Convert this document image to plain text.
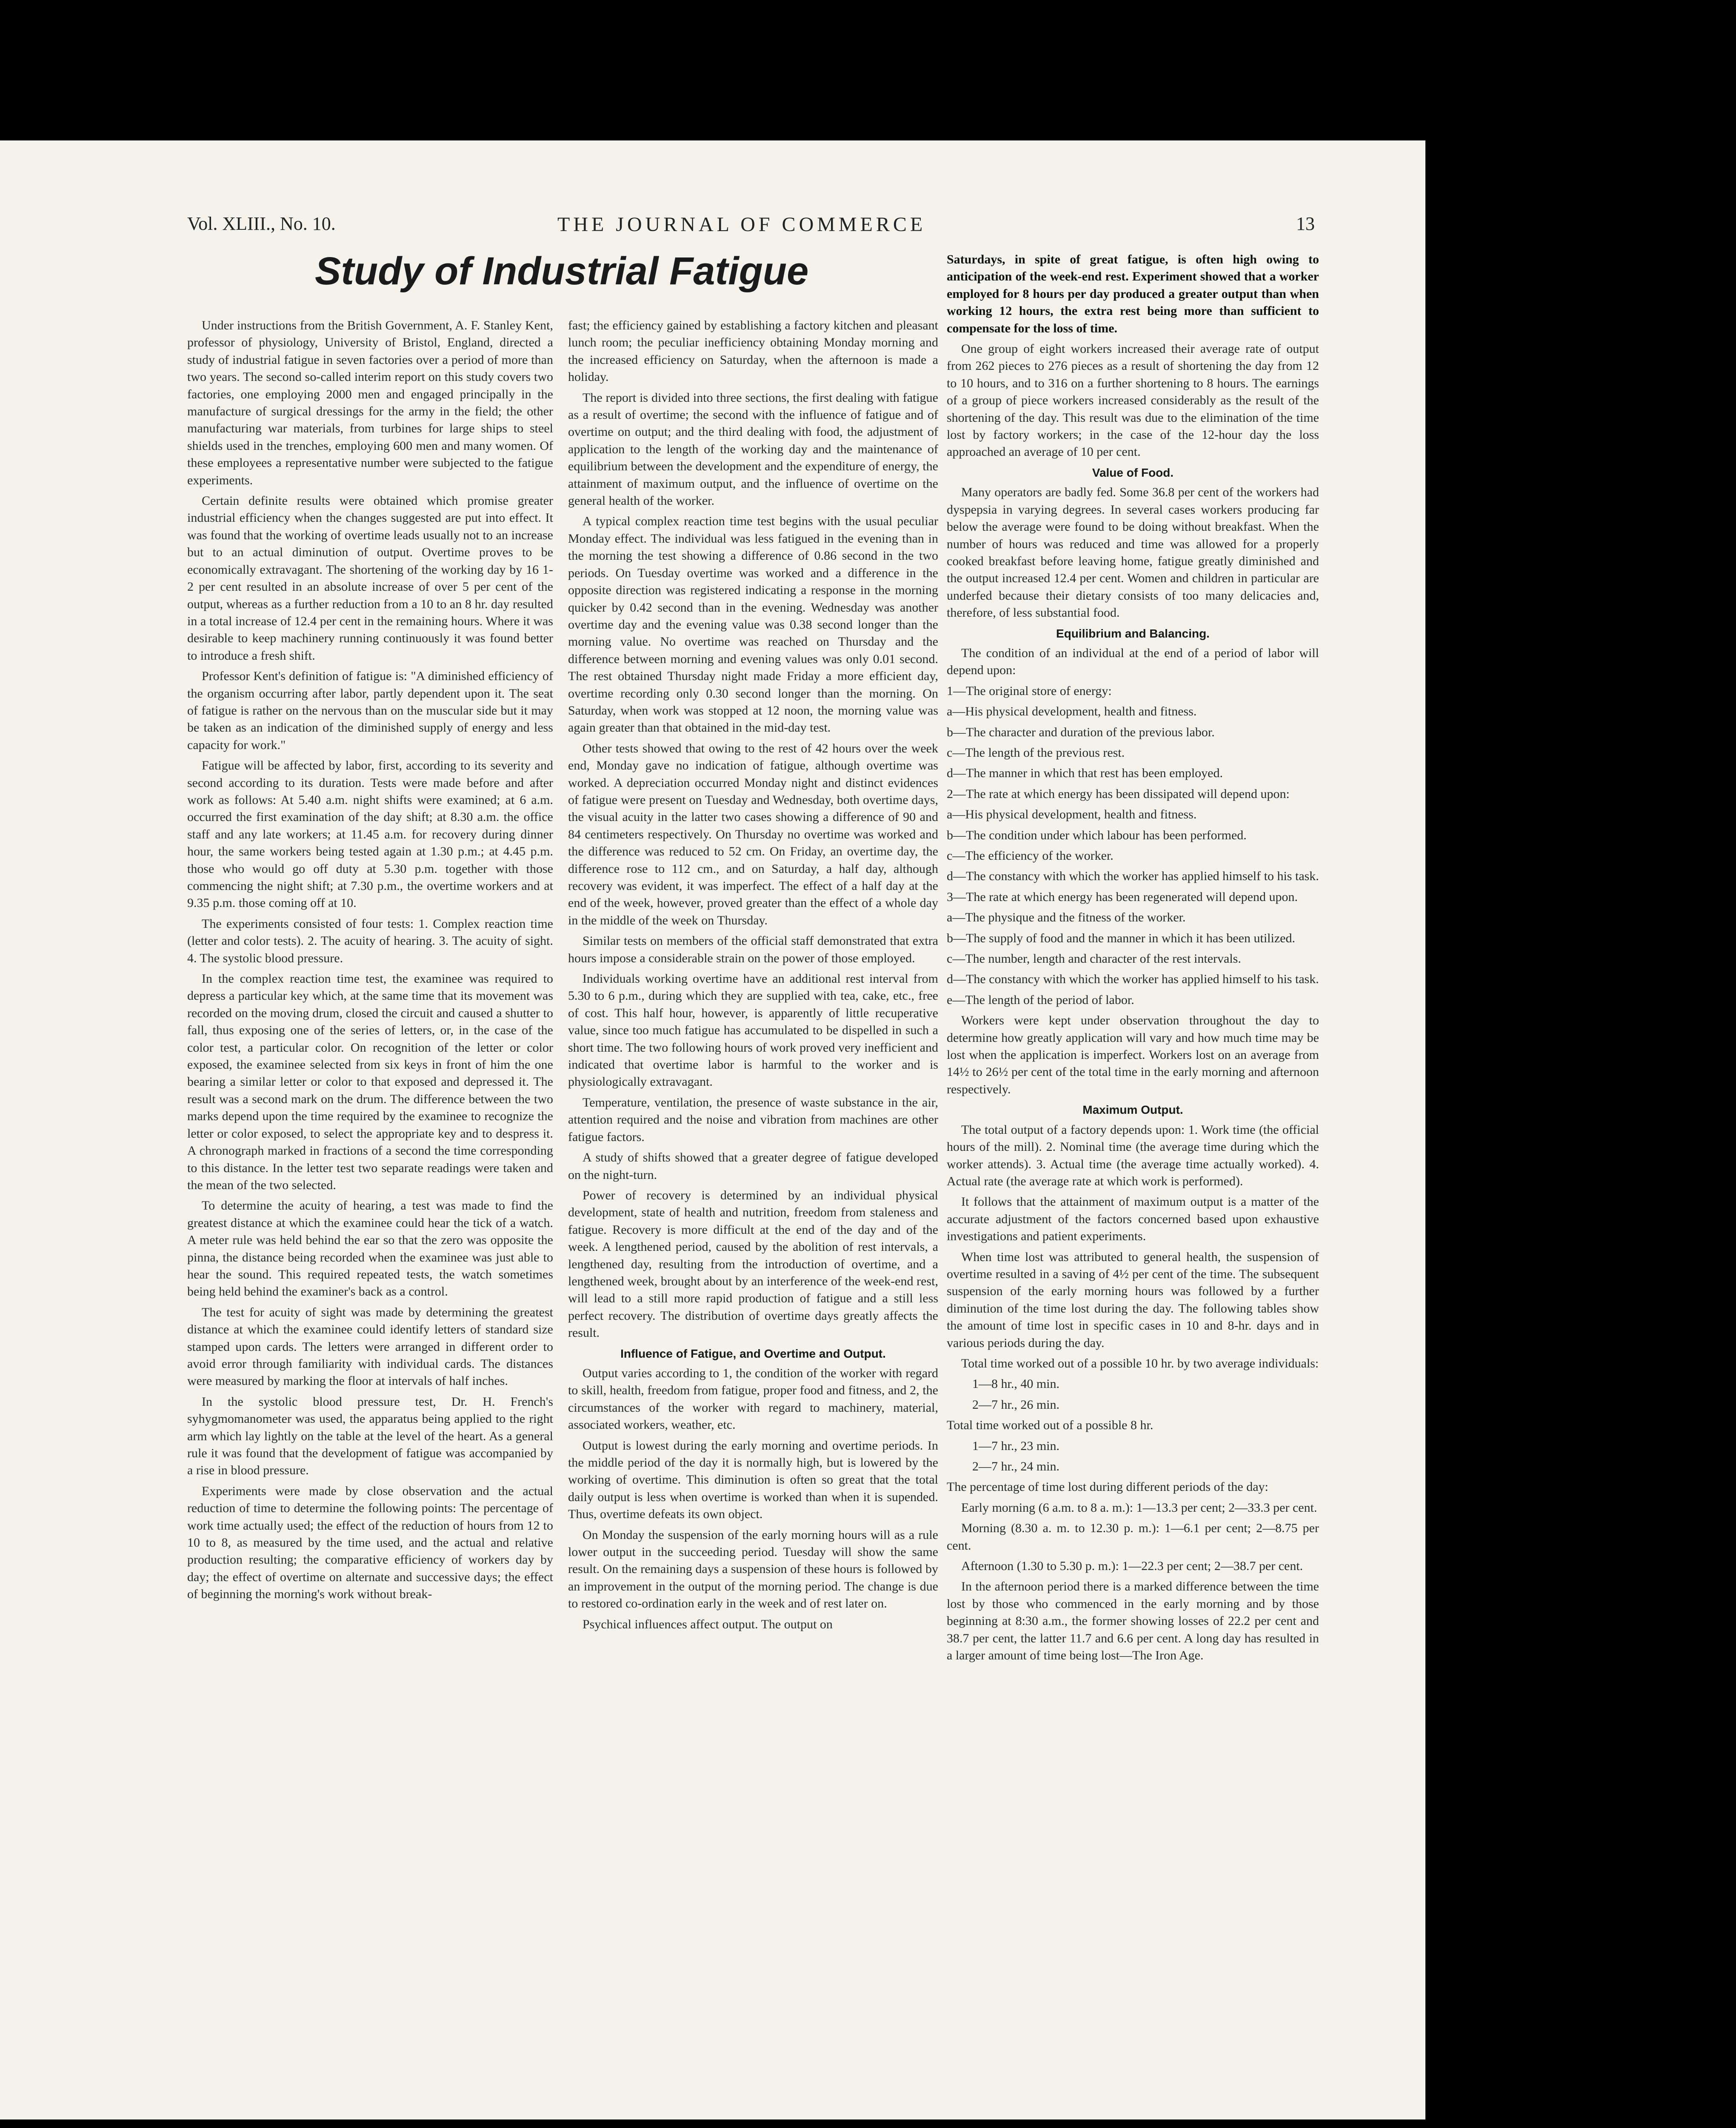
Vol. XLIII., No. 10.	THE JOURNAL OF COMMERCE	13
Study of Industrial Fatigue

Under instructions from the British Government, A. F. Stanley Kent, professor of physiology, University of Bristol, England, directed a study of industrial fatigue in seven factories over a period of more than two years. The second so-called interim report on this study covers two factories, one employing 2000 men and engaged principally in the manufacture of surgical dressings for the army in the field; the other manufacturing war materials, from turbines for large ships to steel shields used in the trenches, employing 600 men and many women. Of these employees a representative number were subjected to the fatigue experiments.

Certain definite results were obtained which promise greater industrial efficiency when the changes suggested are put into effect. It was found that the working of overtime leads usually not to an increase but to an actual diminution of output. Overtime proves to be economically extravagant. The shortening of the working day by 16 1-2 per cent resulted in an absolute increase of over 5 per cent of the output, whereas as a further reduction from a 10 to an 8 hr. day resulted in a total increase of 12.4 per cent in the remaining hours. Where it was desirable to keep machinery running continuously it was found better to introduce a fresh shift.

Professor Kent's definition of fatigue is: "A diminished efficiency of the organism occurring after labor, partly dependent upon it. The seat of fatigue is rather on the nervous than on the muscular side but it may be taken as an indication of the diminished supply of energy and less capacity for work."

Fatigue will be affected by labor, first, according to its severity and second according to its duration. Tests were made before and after work as follows: At 5.40 a.m. night shifts were examined; at 6 a.m. occurred the first examination of the day shift; at 8.30 a.m. the office staff and any late workers; at 11.45 a.m. for recovery during dinner hour, the same workers being tested again at 1.30 p.m.; at 4.45 p.m. those who would go off duty at 5.30 p.m. together with those commencing the night shift; at 7.30 p.m., the overtime workers and at 9.35 p.m. those coming off at 10.

The experiments consisted of four tests: 1. Complex reaction time (letter and color tests). 2. The acuity of hearing. 3. The acuity of sight. 4. The systolic blood pressure.

In the complex reaction time test, the examinee was required to depress a particular key which, at the same time that its movement was recorded on the moving drum, closed the circuit and caused a shutter to fall, thus exposing one of the series of letters, or, in the case of the color test, a particular color. On recognition of the letter or color exposed, the examinee selected from six keys in front of him the one bearing a similar letter or color to that exposed and depressed it. The result was a second mark on the drum. The difference between the two marks depend upon the time required by the examinee to recognize the letter or color exposed, to select the appropriate key and to despress it. A chronograph marked in fractions of a second the time corresponding to this distance. In the letter test two separate readings were taken and the mean of the two selected.

To determine the acuity of hearing, a test was made to find the greatest distance at which the examinee could hear the tick of a watch. A meter rule was held behind the ear so that the zero was opposite the pinna, the distance being recorded when the examinee was just able to hear the sound. This required repeated tests, the watch sometimes being held behind the examiner's back as a control.

The test for acuity of sight was made by determining the greatest distance at which the examinee could identify letters of standard size stamped upon cards. The letters were arranged in different order to avoid error through familiarity with individual cards. The distances were measured by marking the floor at intervals of half inches.

In the systolic blood pressure test, Dr. H. French's syhygmomanometer was used, the apparatus being applied to the right arm which lay lightly on the table at the level of the heart. As a general rule it was found that the development of fatigue was accompanied by a rise in blood pressure.

Experiments were made by close observation and the actual reduction of time to determine the following points: The percentage of work time actually used; the effect of the reduction of hours from 12 to 10 to 8, as measured by the time used, and the actual and relative production resulting; the comparative efficiency of workers day by day; the effect of overtime on alternate and successive days; the effect of beginning the morning's work without break-

fast; the efficiency gained by establishing a factory kitchen and pleasant lunch room; the peculiar inefficiency obtaining Monday morning and the increased efficiency on Saturday, when the afternoon is made a holiday.

The report is divided into three sections, the first dealing with fatigue as a result of overtime; the second with the influence of fatigue and of overtime on output; and the third dealing with food, the adjustment of application to the length of the working day and the maintenance of equilibrium between the development and the expenditure of energy, the attainment of maximum output, and the influence of overtime on the general health of the worker.

A typical complex reaction time test begins with the usual peculiar Monday effect. The individual was less fatigued in the evening than in the morning the test showing a difference of 0.86 second in the two periods. On Tuesday overtime was worked and a difference in the opposite direction was registered indicating a response in the morning quicker by 0.42 second than in the evening. Wednesday was another overtime day and the evening value was 0.38 second longer than the morning value. No overtime was reached on Thursday and the difference between morning and evening values was only 0.01 second. The rest obtained Thursday night made Friday a more efficient day, overtime recording only 0.30 second longer than the morning. On Saturday, when work was stopped at 12 noon, the morning value was again greater than that obtained in the mid-day test.

Other tests showed that owing to the rest of 42 hours over the week end, Monday gave no indication of fatigue, although overtime was worked. A depreciation occurred Monday night and distinct evidences of fatigue were present on Tuesday and Wednesday, both overtime days, the visual acuity in the latter two cases showing a difference of 90 and 84 centimeters respectively. On Thursday no overtime was worked and the difference was reduced to 52 cm. On Friday, an overtime day, the difference rose to 112 cm., and on Saturday, a half day, although recovery was evident, it was imperfect. The effect of a half day at the end of the week, however, proved greater than the effect of a whole day in the middle of the week on Thursday.

Similar tests on members of the official staff demonstrated that extra hours impose a considerable strain on the power of those employed.

Individuals working overtime have an additional rest interval from 5.30 to 6 p.m., during which they are supplied with tea, cake, etc., free of cost. This half hour, however, is apparently of little recuperative value, since too much fatigue has accumulated to be dispelled in such a short time. The two following hours of work proved very inefficient and indicated that overtime labor is harmful to the worker and is physiologically extravagant.

Temperature, ventilation, the presence of waste substance in the air, attention required and the noise and vibration from machines are other fatigue factors.

A study of shifts showed that a greater degree of fatigue developed on the night-turn.

Power of recovery is determined by an individual physical development, state of health and nutrition, freedom from staleness and fatigue. Recovery is more difficult at the end of the day and of the week. A lengthened period, caused by the abolition of rest intervals, a lengthened day, resulting from the introduction of overtime, and a lengthened week, brought about by an interference of the week-end rest, will lead to a still more rapid production of fatigue and a still less perfect recovery. The distribution of overtime days greatly affects the result.

Influence of Fatigue, and Overtime and Output.

Output varies according to 1, the condition of the worker with regard to skill, health, freedom from fatigue, proper food and fitness, and 2, the circumstances of the worker with regard to machinery, material, associated workers, weather, etc.

Output is lowest during the early morning and overtime periods. In the middle period of the day it is normally high, but is lowered by the working of overtime. This diminution is often so great that the total daily output is less when overtime is worked than when it is supended. Thus, overtime defeats its own object.

On Monday the suspension of the early morning hours will as a rule lower output in the succeeding period. Tuesday will show the same result. On the remaining days a suspension of these hours is followed by an improvement in the output of the morning period. The change is due to restored co-ordination early in the week and of rest later on.

Psychical influences affect output. The output on

Saturdays, in spite of great fatigue, is often high owing to anticipation of the week-end rest. Experiment showed that a worker employed for 8 hours per day produced a greater output than when working 12 hours, the extra rest being more than sufficient to compensate for the loss of time.

One group of eight workers increased their average rate of output from 262 pieces to 276 pieces as a result of shortening the day from 12 to 10 hours, and to 316 on a further shortening to 8 hours. The earnings of a group of piece workers increased considerably as the result of the shortening of the day. This result was due to the elimination of the time lost by factory workers; in the case of the 12-hour day the loss approached an average of 10 per cent.

Value of Food.

Many operators are badly fed. Some 36.8 per cent of the workers had dyspepsia in varying degrees. In several cases workers producing far below the average were found to be doing without breakfast. When the number of hours was reduced and time was allowed for a properly cooked breakfast before leaving home, fatigue greatly diminished and the output increased 12.4 per cent. Women and children in particular are underfed because their dietary consists of too many delicacies and, therefore, of less substantial food.

Equilibrium and Balancing.

The condition of an individual at the end of a period of labor will depend upon:

1—The original store of energy:

a—His physical development, health and fitness.

b—The character and duration of the previous labor.

c—The length of the previous rest.

d—The manner in which that rest has been employed.

2—The rate at which energy has been dissipated will depend upon:

a—His physical development, health and fitness.

b—The condition under which labour has been performed.

c—The efficiency of the worker.

d—The constancy with which the worker has applied himself to his task.

3—The rate at which energy has been regenerated will depend upon.

a—The physique and the fitness of the worker.

b—The supply of food and the manner in which it has been utilized.

c—The number, length and character of the rest intervals.

d—The constancy with which the worker has applied himself to his task.

e—The length of the period of labor.

Workers were kept under observation throughout the day to determine how greatly application will vary and how much time may be lost when the application is imperfect. Workers lost on an average from 14½ to 26½ per cent of the total time in the early morning and afternoon respectively.

Maximum Output.

The total output of a factory depends upon: 1. Work time (the official hours of the mill). 2. Nominal time (the average time during which the worker attends). 3. Actual time (the average time actually worked). 4. Actual rate (the average rate at which work is performed).

It follows that the attainment of maximum output is a matter of the accurate adjustment of the factors concerned based upon exhaustive investigations and patient experiments.

When time lost was attributed to general health, the suspension of overtime resulted in a saving of 4½ per cent of the time. The subsequent suspension of the early morning hours was followed by a further diminution of the time lost during the day. The following tables show the amount of time lost in specific cases in 10 and 8-hr. days and in various periods during the day.

Total time worked out of a possible 10 hr. by two average individuals:

1—8 hr., 40 min.

2—7 hr., 26 min.

Total time worked out of a possible 8 hr.

1—7 hr., 23 min.

2—7 hr., 24 min.

The percentage of time lost during different periods of the day:

Early morning (6 a.m. to 8 a. m.): 1—13.3 per cent; 2—33.3 per cent.

Morning (8.30 a. m. to 12.30 p. m.): 1—6.1 per cent; 2—8.75 per cent.

Afternoon (1.30 to 5.30 p. m.): 1—22.3 per cent; 2—38.7 per cent.

In the afternoon period there is a marked difference between the time lost by those who commenced in the early morning and by those beginning at 8:30 a.m., the former showing losses of 22.2 per cent and 38.7 per cent, the latter 11.7 and 6.6 per cent. A long day has resulted in a larger amount of time being lost—The Iron Age.
